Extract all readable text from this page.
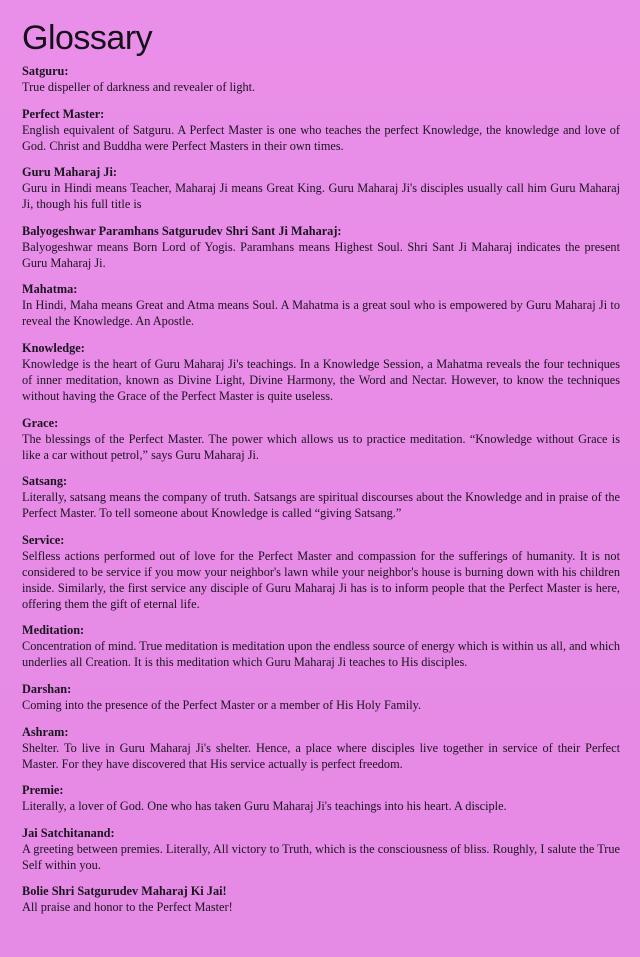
Glossary

Satguru:

True dispeller of darkness and revealer of light.

Perfect Master:

English equivalent of Satguru. A Perfect Master is one who teaches the perfect Knowledge, the knowledge and love of God. Christ and Buddha were Perfect Masters in their own times.

Guru Maharaj Ji:

Guru in Hindi means Teacher, Maharaj Ji means Great King. Guru Maharaj Ji's disciples usually call him Guru Maharaj Ji, though his full title is

Balyogeshwar Paramhans Satgurudev Shri Sant Ji Maharaj:

Balyogeshwar means Born Lord of Yogis. Paramhans means Highest Soul. Shri Sant Ji Maharaj indicates the present Guru Maharaj Ji.

Mahatma:

In Hindi, Maha means Great and Atma means Soul. A Mahatma is a great soul who is empowered by Guru Maharaj Ji to reveal the Knowledge. An Apostle.

Knowledge:

Knowledge is the heart of Guru Maharaj Ji's teachings. In a Knowledge Session, a Mahatma reveals the four techniques of inner meditation, known as Divine Light, Divine Harmony, the Word and Nectar. However, to know the techniques without having the Grace of the Perfect Master is quite useless.

Grace:

The blessings of the Perfect Master. The power which allows us to practice meditation. “Knowledge without Grace is like a car without petrol,” says Guru Maharaj Ji.

Satsang:

Literally, satsang means the company of truth. Satsangs are spiritual discourses about the Knowledge and in praise of the Perfect Master. To tell someone about Knowledge is called “giving Satsang.”

Service:

Selfless actions performed out of love for the Perfect Master and compassion for the sufferings of humanity. It is not considered to be service if you mow your neighbor's lawn while your neighbor's house is burning down with his children inside. Similarly, the first service any disciple of Guru Maharaj Ji has is to inform people that the Perfect Master is here, offering them the gift of eternal life.

Meditation:

Concentration of mind. True meditation is meditation upon the endless source of energy which is within us all, and which underlies all Creation. It is this meditation which Guru Maharaj Ji teaches to His disciples.

Darshan:

Coming into the presence of the Perfect Master or a member of His Holy Family.

Ashram:

Shelter. To live in Guru Maharaj Ji's shelter. Hence, a place where disciples live together in service of their Perfect Master. For they have discovered that His service actually is perfect freedom.

Premie:

Literally, a lover of God. One who has taken Guru Maharaj Ji's teachings into his heart. A disciple.

Jai Satchitanand:

A greeting between premies. Literally, All victory to Truth, which is the consciousness of bliss. Roughly, I salute the True Self within you.

Bolie Shri Satgurudev Maharaj Ki Jai!

All praise and honor to the Perfect Master!
